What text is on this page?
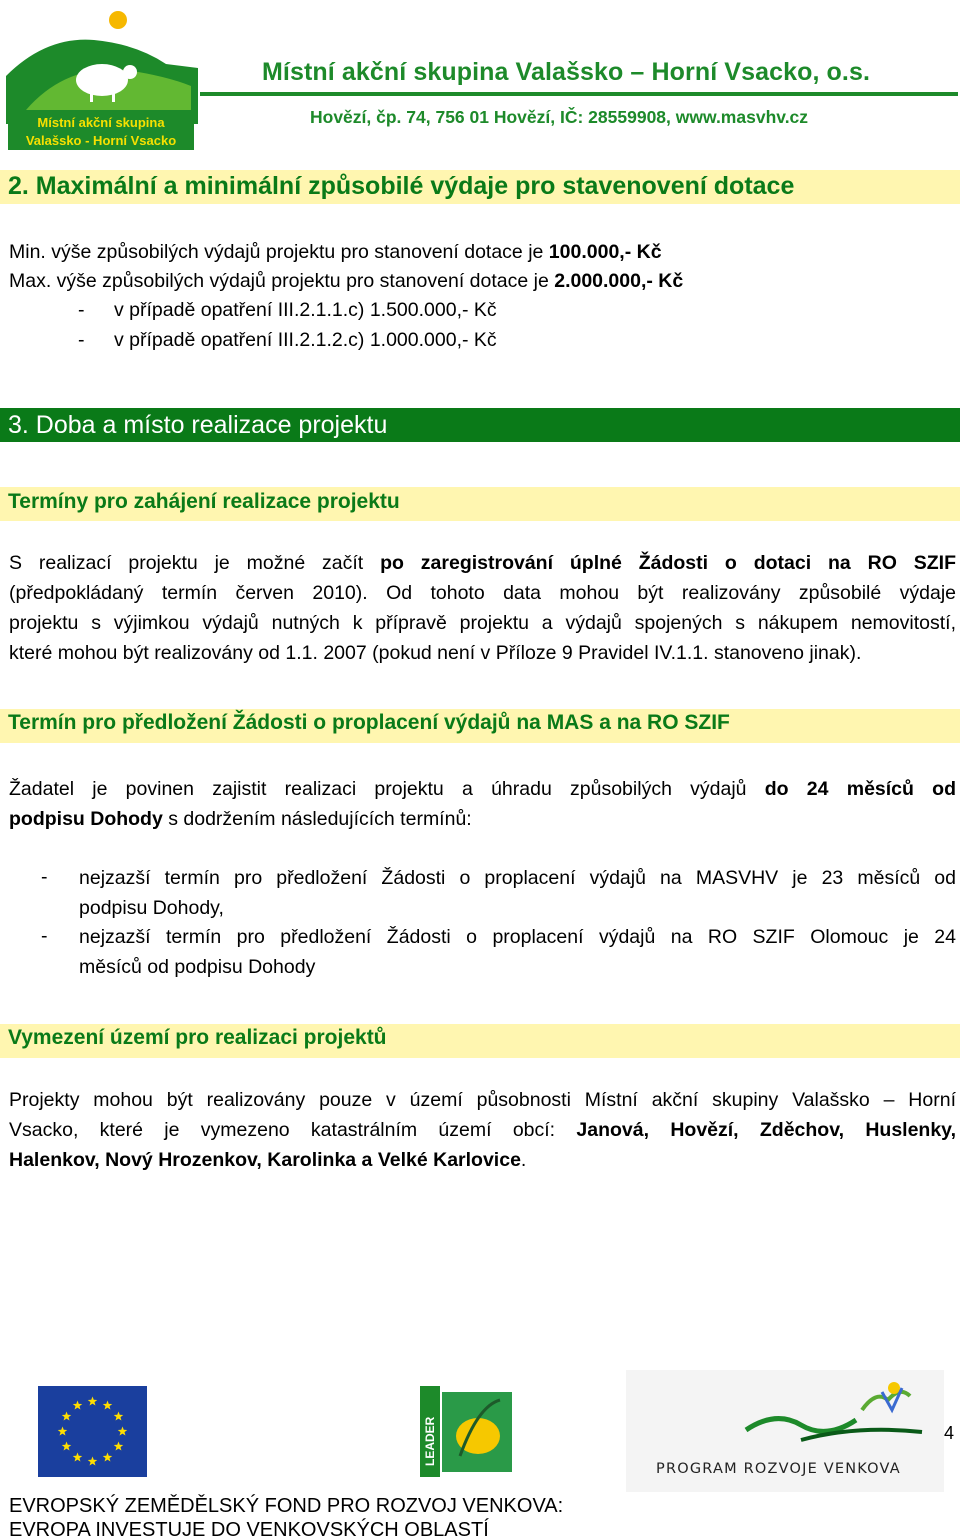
Místní akční skupina
Valašsko - Horní Vsacko
Místní akční skupina Valašsko – Horní Vsacko, o.s.
Hovězí, čp. 74, 756 01 Hovězí, IČ: 28559908, www.masvhv.cz
2. Maximální a minimální způsobilé výdaje pro stavenovení dotace
Min. výše způsobilých výdajů projektu pro stanovení dotace je 100.000,- Kč
Max. výše způsobilých výdajů projektu pro stanovení dotace je 2.000.000,- Kč
- v případě opatření III.2.1.1.c) 1.500.000,- Kč
- v případě opatření III.2.1.2.c) 1.000.000,- Kč
3. Doba a místo realizace projektu
Termíny pro zahájení realizace projektu
S realizací projektu je možné začít po zaregistrování úplné Žádosti o dotaci na RO SZIF
(předpokládaný termín červen 2010). Od tohoto data mohou být realizovány způsobilé výdaje
projektu s výjimkou výdajů nutných k přípravě projektu a výdajů spojených s nákupem nemovitostí,
které mohou být realizovány od 1.1. 2007 (pokud není v Příloze 9 Pravidel IV.1.1. stanoveno jinak).
Termín pro předložení Žádosti o proplacení výdajů na MAS a na RO SZIF
Žadatel je povinen zajistit realizaci projektu a úhradu způsobilých výdajů do 24 měsíců od
podpisu Dohody s dodržením následujících termínů:
- nejzazší termín pro předložení Žádosti o proplacení výdajů na MASVHV je 23 měsíců od
podpisu Dohody,
- nejzazší termín pro předložení Žádosti o proplacení výdajů na RO SZIF Olomouc je 24
měsíců od podpisu Dohody
Vymezení území pro realizaci projektů
Projekty mohou být realizovány pouze v území působnosti Místní akční skupiny Valašsko – Horní
Vsacko, které je vymezeno katastrálním území obcí: Janová, Hovězí, Zděchov, Huslenky,
Halenkov, Nový Hrozenkov, Karolinka a Velké Karlovice.
LEADER
PROGRAM ROZVOJE VENKOVA
4
EVROPSKÝ ZEMĚDĚLSKÝ FOND PRO ROZVOJ VENKOVA:
EVROPA INVESTUJE DO VENKOVSKÝCH OBLASTÍ
